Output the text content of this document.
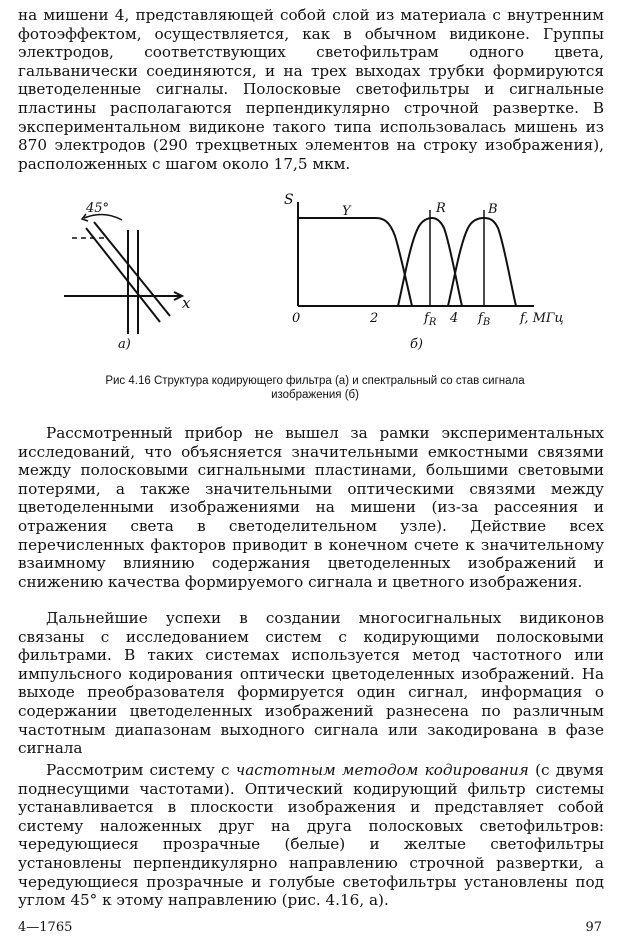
на мишени 4, представляющей собой слой из материала с внутренним фотоэффектом, осуществляется, как в обычном видиконе. Группы электродов, соответствующих светофильтрам одного цвета, гальванически соединяются, и на трех выходах трубки формируются цветоделенные сигналы. Полосковые светофильтры и сигнальные пластины располагаются перпендикулярно строчной развертке. В экспериментальном видиконе такого типа использовалась мишень из 870 электродов (290 трехцветных элементов на строку изображения), расположенных с шагом около 17,5 мкм.

45°
x
а)
S
Y	R	B
0	2	$f_R$ 4 $f_B$ f, МГц
б)
Рис 4.16 Структура кодирующего фильтра (а) и спектральный со став сигнала изображения (б)

Рассмотренный прибор не вышел за рамки экспериментальных исследований, что объясняется значительными емкостными связями между полосковыми сигнальными пластинами, большими световыми потерями, а также значительными оптическими связями между цветоделенными изображениями на мишени (из-за рассеяния и отражения света в светоделительном узле). Действие всех перечисленных факторов приводит в конечном счете к значительному взаимному влиянию содержания цветоделенных изображений и снижению качества формируемого сигнала и цветного изображения.

Дальнейшие успехи в создании многосигнальных видиконов связаны с исследованием систем с кодирующими полосковыми фильтрами. В таких системах используется метод частотного или импульсного кодирования оптически цветоделенных изображений. На выходе преобразователя формируется один сигнал, информация о содержании цветоделенных изображений разнесена по различным частотным диапазонам выходного сигнала или закодирована в фазе сигнала

Рассмотрим систему с частотным методом кодирования (с двумя поднесущими частотами). Оптический кодирующий фильтр системы устанавливается в плоскости изображения и представляет собой систему наложенных друг на друга полосковых светофильтров: чередующиеся прозрачные (белые) и желтые светофильтры установлены перпендикулярно направлению строчной развертки, а чередующиеся прозрачные и голубые светофильтры установлены под углом 45° к этому направлению (рис. 4.16, а).

4—1765	97
